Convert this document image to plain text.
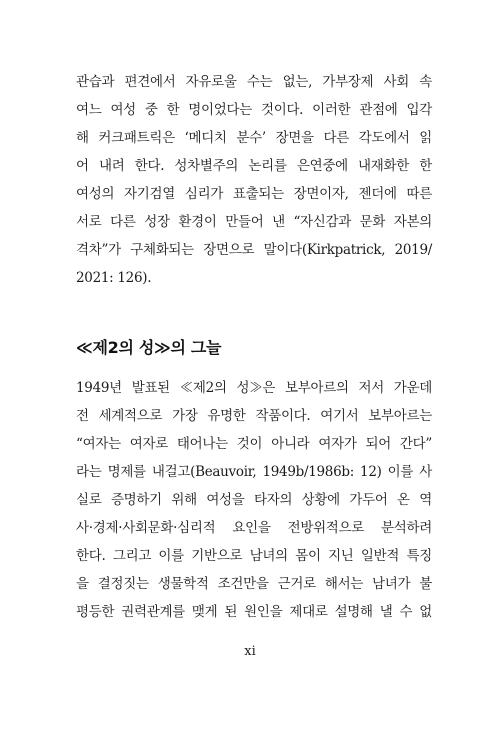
관습과 편견에서 자유로울 수는 없는, 가부장제 사회 속
여느 여성 중 한 명이었다는 것이다. 이러한 관점에 입각
해 커크패트릭은 ‘메디치 분수’ 장면을 다른 각도에서 읽
어 내려 한다. 성차별주의 논리를 은연중에 내재화한 한
여성의 자기검열 심리가 표출되는 장면이자, 젠더에 따른
서로 다른 성장 환경이 만들어 낸 “자신감과 문화 자본의
격차”가 구체화되는 장면으로 말이다(Kirkpatrick, 2019/
2021: 126).
≪제2의 성≫의 그늘
1949년 발표된 ≪제2의 성≫은 보부아르의 저서 가운데
전 세계적으로 가장 유명한 작품이다. 여기서 보부아르는
“여자는 여자로 태어나는 것이 아니라 여자가 되어 간다”
라는 명제를 내걸고(Beauvoir, 1949b/1986b: 12) 이를 사
실로 증명하기 위해 여성을 타자의 상황에 가두어 온 역
사·경제·사회문화·심리적 요인을 전방위적으로 분석하려
한다. 그리고 이를 기반으로 남녀의 몸이 지닌 일반적 특징
을 결정짓는 생물학적 조건만을 근거로 해서는 남녀가 불
평등한 권력관계를 맺게 된 원인을 제대로 설명해 낼 수 없
xi
